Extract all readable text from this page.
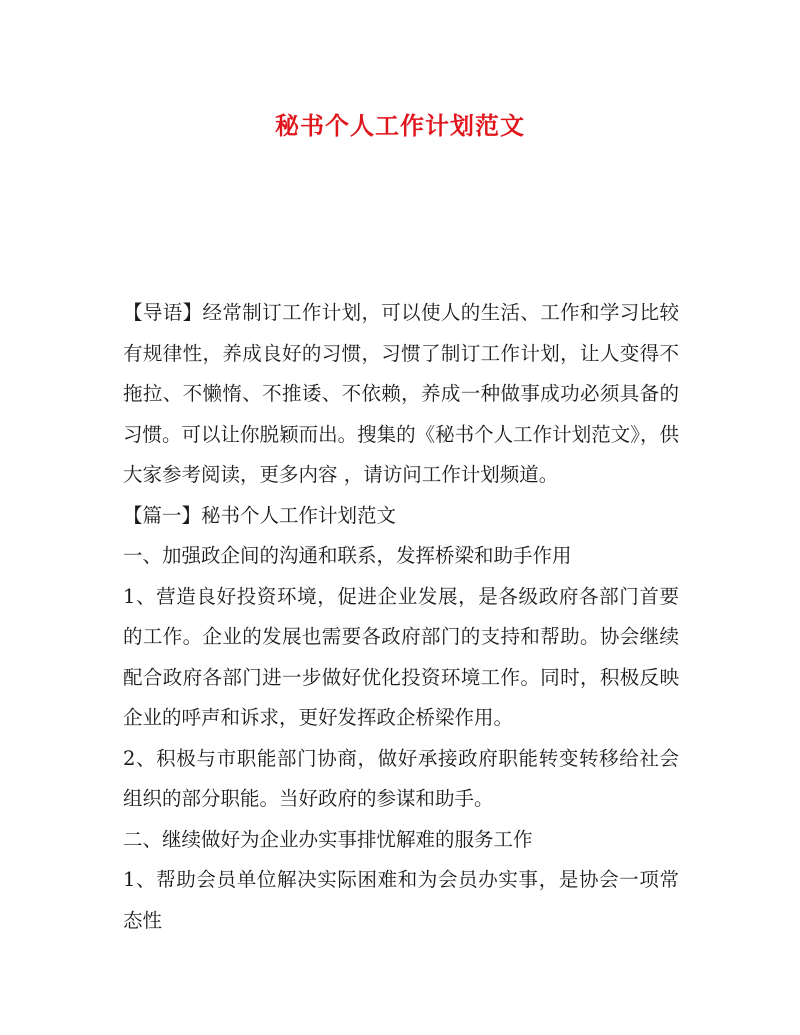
秘书个人工作计划范文

【导语】经常制订工作计划，可以使人的生活、工作和学习比较有规律性，养成良好的习惯，习惯了制订工作计划，让人变得不拖拉、不懒惰、不推诿、不依赖，养成一种做事成功必须具备的习惯。可以让你脱颖而出。搜集的《秘书个人工作计划范文》，供大家参考阅读，更多内容 ，请访问工作计划频道。

【篇一】秘书个人工作计划范文

一、加强政企间的沟通和联系，发挥桥梁和助手作用

1、营造良好投资环境，促进企业发展，是各级政府各部门首要的工作。企业的发展也需要各政府部门的支持和帮助。协会继续配合政府各部门进一步做好优化投资环境工作。同时，积极反映企业的呼声和诉求，更好发挥政企桥梁作用。

2、积极与市职能部门协商，做好承接政府职能转变转移给社会组织的部分职能。当好政府的参谋和助手。

二、继续做好为企业办实事排忧解难的服务工作

1、帮助会员单位解决实际困难和为会员办实事，是协会一项常态性
